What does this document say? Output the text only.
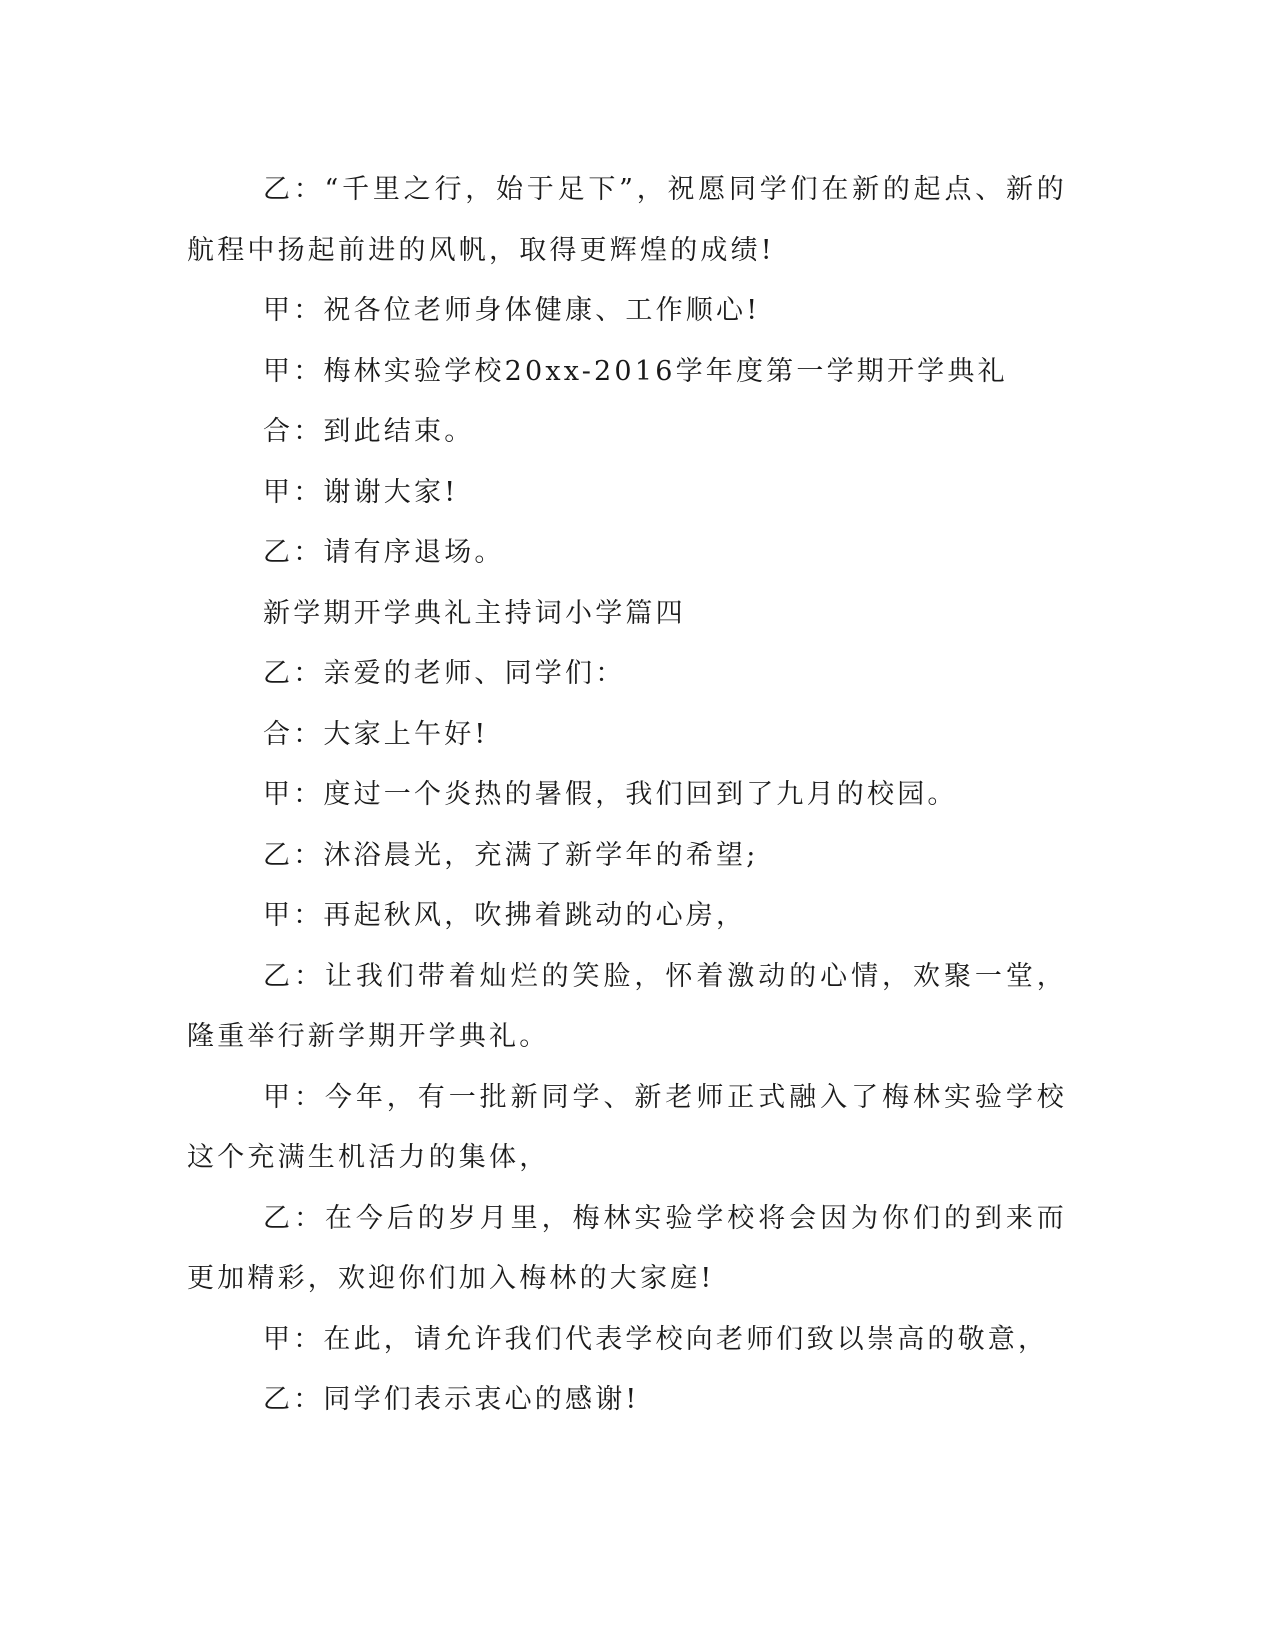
乙：“千里之行，始于足下”，祝愿同学们在新的起点、新的航程中扬起前进的风帆，取得更辉煌的成绩!

甲：祝各位老师身体健康、工作顺心!

甲：梅林实验学校20xx-2016学年度第一学期开学典礼

合：到此结束。

甲：谢谢大家!

乙：请有序退场。

新学期开学典礼主持词小学篇四

乙：亲爱的老师、同学们：

合：大家上午好!

甲：度过一个炎热的暑假，我们回到了九月的校园。

乙：沐浴晨光，充满了新学年的希望;

甲：再起秋风，吹拂着跳动的心房，

乙：让我们带着灿烂的笑脸，怀着激动的心情，欢聚一堂，隆重举行新学期开学典礼。

甲：今年，有一批新同学、新老师正式融入了梅林实验学校这个充满生机活力的集体，

乙：在今后的岁月里，梅林实验学校将会因为你们的到来而更加精彩，欢迎你们加入梅林的大家庭!

甲：在此，请允许我们代表学校向老师们致以崇高的敬意，

乙：同学们表示衷心的感谢!
